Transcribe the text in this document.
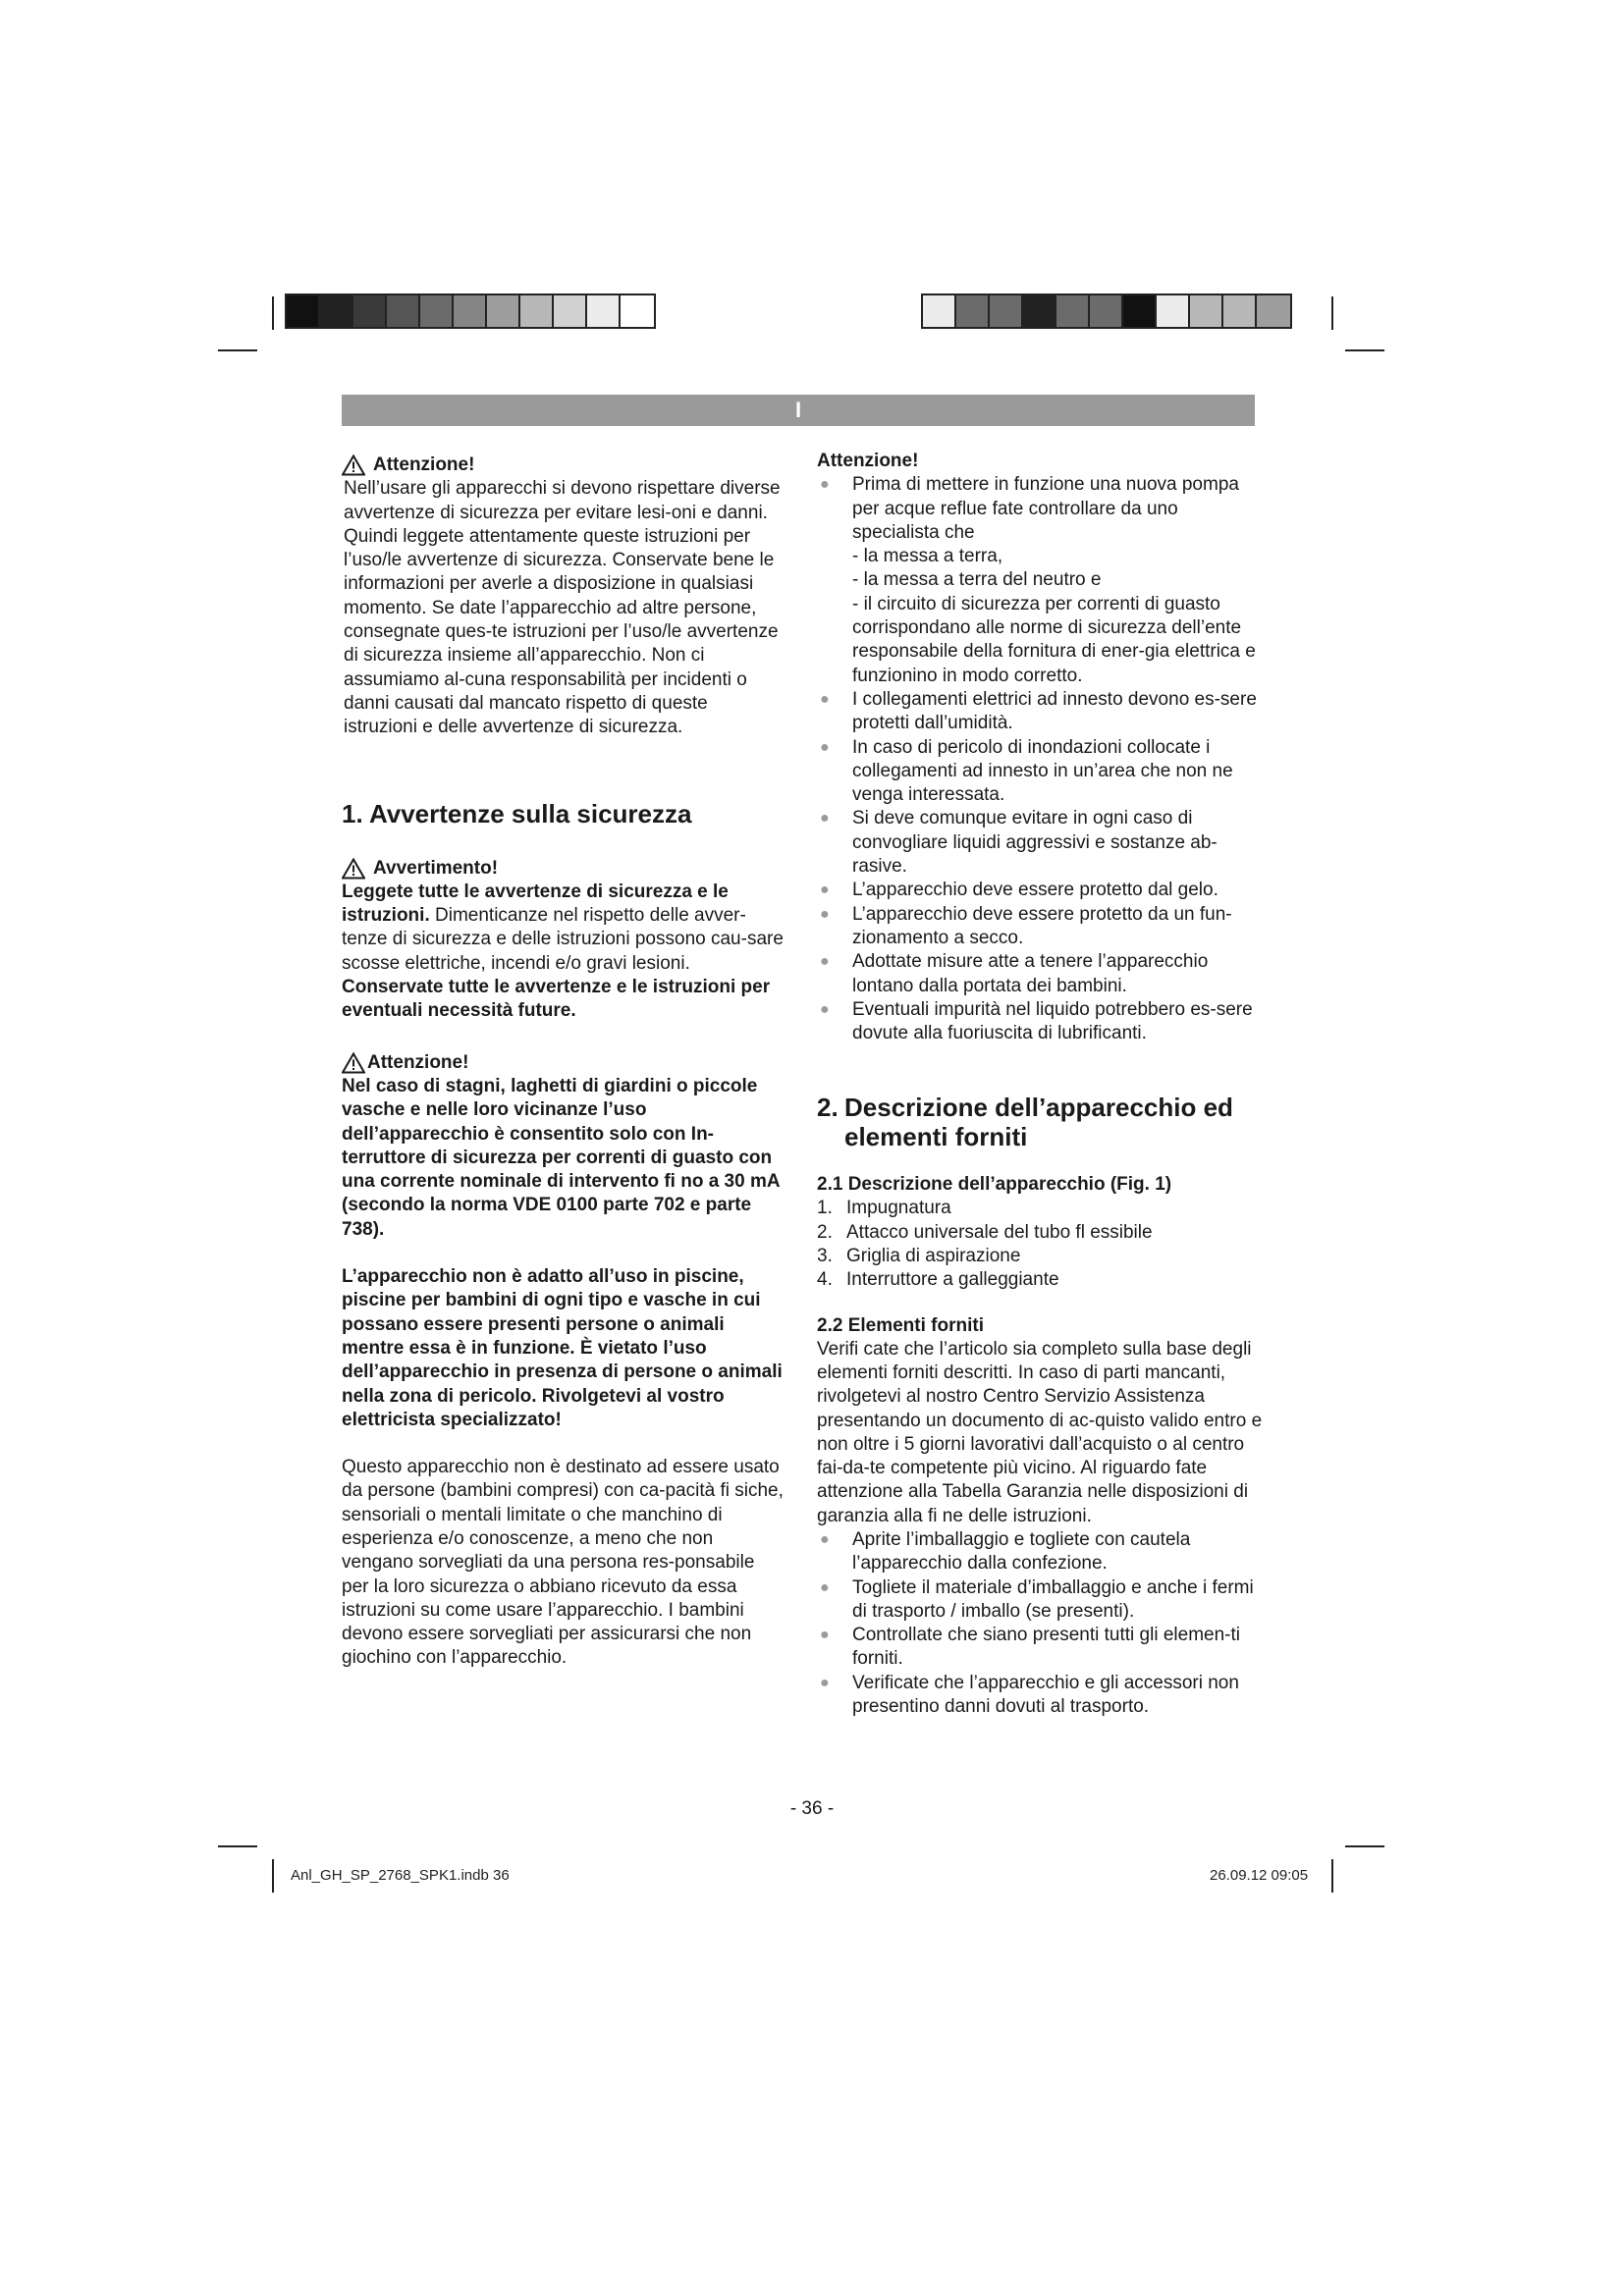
I
Attenzione!

Nell’usare gli apparecchi si devono rispettare diverse avvertenze di sicurezza per evitare lesi-oni e danni. Quindi leggete attentamente queste istruzioni per l’uso/le avvertenze di sicurezza. Conservate bene le informazioni per averle a disposizione in qualsiasi momento. Se date l’apparecchio ad altre persone, consegnate ques-te istruzioni per l’uso/le avvertenze di sicurezza insieme all’apparecchio. Non ci assumiamo al-cuna responsabilità per incidenti o danni causati dal mancato rispetto di queste istruzioni e delle avvertenze di sicurezza.

1. Avvertenze sulla sicurezza

Avvertimento!

Leggete tutte le avvertenze di sicurezza e le istruzioni. Dimenticanze nel rispetto delle avver-tenze di sicurezza e delle istruzioni possono cau-sare scosse elettriche, incendi e/o gravi lesioni. Conservate tutte le avvertenze e le istruzioni per eventuali necessità future.

Attenzione!

Nel caso di stagni, laghetti di giardini o piccole vasche e nelle loro vicinanze l’uso dell’apparecchio è consentito solo con In-terruttore di sicurezza per correnti di guasto con una corrente nominale di intervento fi no a 30 mA (secondo la norma VDE 0100 parte 702 e parte 738).

L’apparecchio non è adatto all’uso in piscine, piscine per bambini di ogni tipo e vasche in cui possano essere presenti persone o animali mentre essa è in funzione. È vietato l’uso dell’apparecchio in presenza di persone o animali nella zona di pericolo. Rivolgetevi al vostro elettricista specializzato!

Questo apparecchio non è destinato ad essere usato da persone (bambini compresi) con ca-pacità fi siche, sensoriali o mentali limitate o che manchino di esperienza e/o conoscenze, a meno che non vengano sorvegliati da una persona res-ponsabile per la loro sicurezza o abbiano ricevuto da essa istruzioni su come usare l’apparecchio. I bambini devono essere sorvegliati per assicurarsi che non giochino con l’apparecchio.

Attenzione!

● Prima di mettere in funzione una nuova pompa per acque reflue fate controllare da uno specialista che

- la messa a terra,

- la messa a terra del neutro e

- il circuito di sicurezza per correnti di guasto corrispondano alle norme di sicurezza dell’ente responsabile della fornitura di ener-gia elettrica e funzionino in modo corretto.

● I collegamenti elettrici ad innesto devono es-sere protetti dall’umidità.
● In caso di pericolo di inondazioni collocate i collegamenti ad innesto in un’area che non ne venga interessata.
● Si deve comunque evitare in ogni caso di convogliare liquidi aggressivi e sostanze ab-rasive.
● L’apparecchio deve essere protetto dal gelo.
● L’apparecchio deve essere protetto da un fun-zionamento a secco.
● Adottate misure atte a tenere l’apparecchio lontano dalla portata dei bambini.
● Eventuali impurità nel liquido potrebbero es-sere dovute alla fuoriuscita di lubrificanti.
2. Descrizione dell’apparecchio ed
elementi forniti

2.1 Descrizione dell’apparecchio (Fig. 1)

1. Impugnatura
2. Attacco universale del tubo fl essibile
3. Griglia di aspirazione
4. Interruttore a galleggiante

2.2 Elementi forniti

Verifi cate che l’articolo sia completo sulla base degli elementi forniti descritti. In caso di parti mancanti, rivolgetevi al nostro Centro Servizio Assistenza presentando un documento di ac-quisto valido entro e non oltre i 5 giorni lavorativi dall’acquisto o al centro fai-da-te competente più vicino. Al riguardo fate attenzione alla Tabella Garanzia nelle disposizioni di garanzia alla fi ne delle istruzioni.

● Aprite l’imballaggio e togliete con cautela l’apparecchio dalla confezione.
● Togliete il materiale d’imballaggio e anche i fermi di trasporto / imballo (se presenti).
● Controllate che siano presenti tutti gli elemen-ti forniti.
● Verificate che l’apparecchio e gli accessori non presentino danni dovuti al trasporto.
- 36 -
Anl_GH_SP_2768_SPK1.indb 36	26.09.12 09:05
